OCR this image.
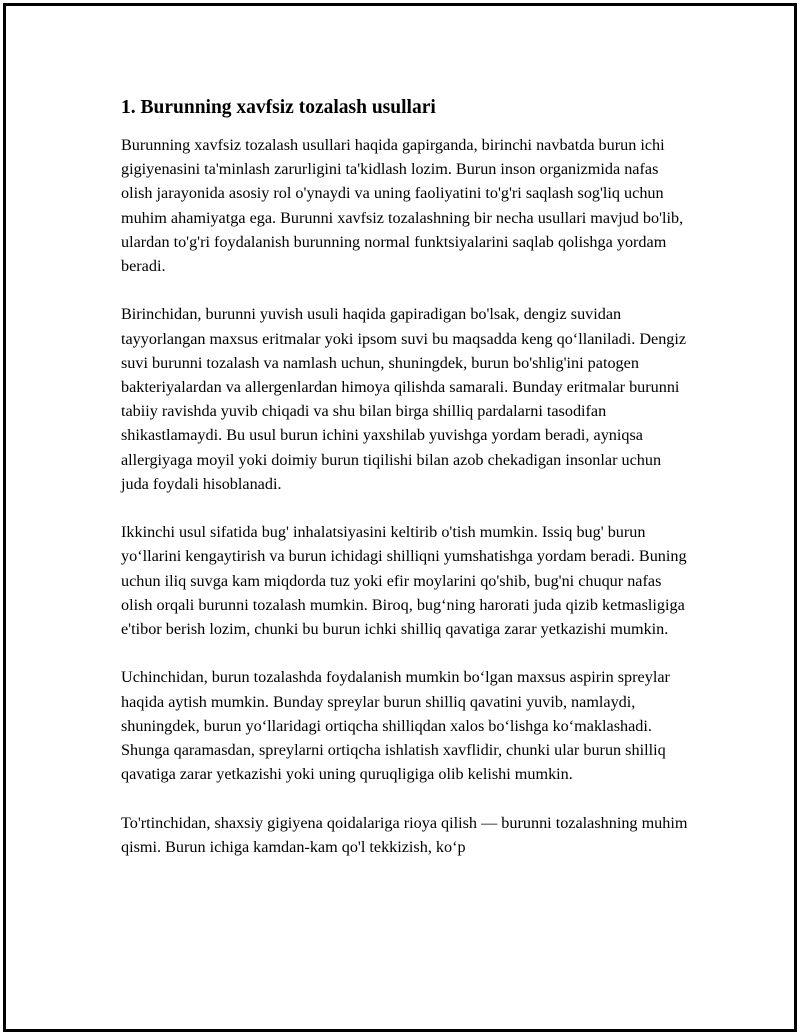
1. Burunning xavfsiz tozalash usullari

Burunning xavfsiz tozalash usullari haqida gapirganda, birinchi navbatda burun ichi gigiyenasini ta'minlash zarurligini ta'kidlash lozim. Burun inson organizmida nafas olish jarayonida asosiy rol o'ynaydi va uning faoliyatini to'g'ri saqlash sog'liq uchun muhim ahamiyatga ega. Burunni xavfsiz tozalashning bir necha usullari mavjud bo'lib, ulardan to'g'ri foydalanish burunning normal funktsiyalarini saqlab qolishga yordam beradi.

Birinchidan, burunni yuvish usuli haqida gapiradigan bo'lsak, dengiz suvidan tayyorlangan maxsus eritmalar yoki ipsom suvi bu maqsadda keng qo‘llaniladi. Dengiz suvi burunni tozalash va namlash uchun, shuningdek, burun bo'shlig'ini patogen bakteriyalardan va allergenlardan himoya qilishda samarali. Bunday eritmalar burunni tabiiy ravishda yuvib chiqadi va shu bilan birga shilliq pardalarni tasodifan shikastlamaydi. Bu usul burun ichini yaxshilab yuvishga yordam beradi, ayniqsa allergiyaga moyil yoki doimiy burun tiqilishi bilan azob chekadigan insonlar uchun juda foydali hisoblanadi.

Ikkinchi usul sifatida bug' inhalatsiyasini keltirib o'tish mumkin. Issiq bug' burun yo‘llarini kengaytirish va burun ichidagi shilliqni yumshatishga yordam beradi. Buning uchun iliq suvga kam miqdorda tuz yoki efir moylarini qo'shib, bug'ni chuqur nafas olish orqali burunni tozalash mumkin. Biroq, bug‘ning harorati juda qizib ketmasligiga e'tibor berish lozim, chunki bu burun ichki shilliq qavatiga zarar yetkazishi mumkin.

Uchinchidan, burun tozalashda foydalanish mumkin bo‘lgan maxsus aspirin spreylar haqida aytish mumkin. Bunday spreylar burun shilliq qavatini yuvib, namlaydi, shuningdek, burun yo‘llaridagi ortiqcha shilliqdan xalos bo‘lishga ko‘maklashadi. Shunga qaramasdan, spreylarni ortiqcha ishlatish xavflidir, chunki ular burun shilliq qavatiga zarar yetkazishi yoki uning quruqligiga olib kelishi mumkin.

To'rtinchidan, shaxsiy gigiyena qoidalariga rioya qilish — burunni tozalashning muhim qismi. Burun ichiga kamdan-kam qo'l tekkizish, ko‘p
